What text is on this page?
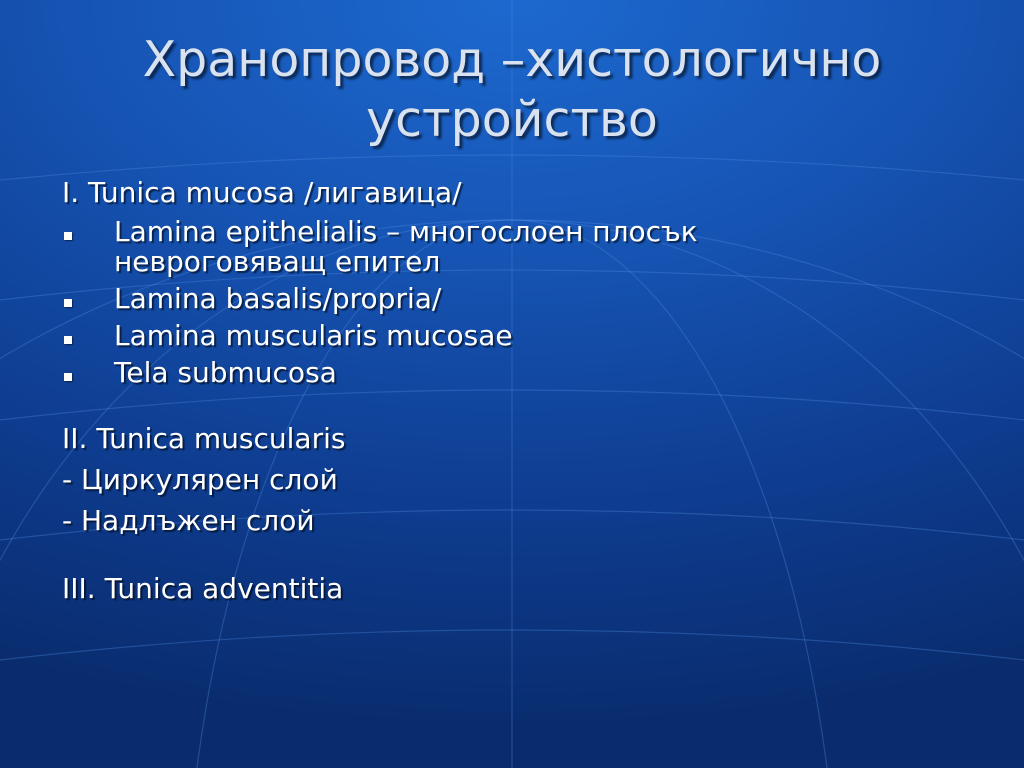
Хранопровод –хистологично
устройство
I. Tunica mucosa /лигавица/
Lamina epithelialis – многослоен плосък
невроговяващ епител
Lamina basalis/propria/
Lamina muscularis mucosae
Tela submucosa
II. Tunica muscularis
- Циркулярен слой
- Надлъжен слой
III. Tunica adventitia
